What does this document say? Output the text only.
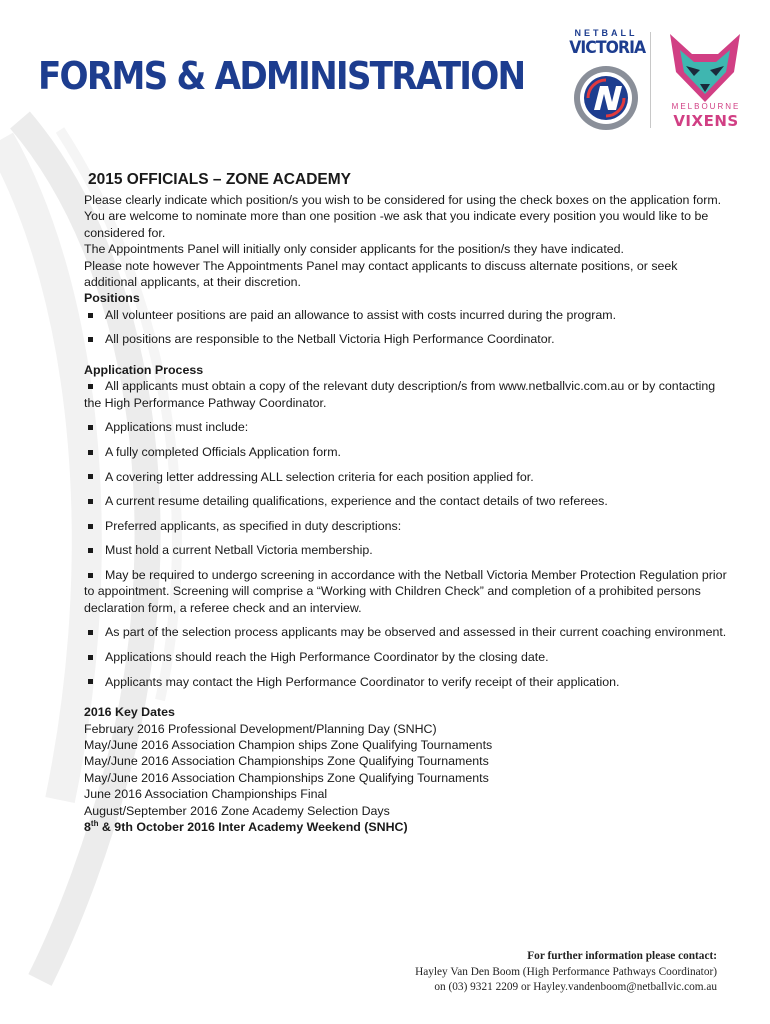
FORMS & ADMINISTRATION
NETBALL
VICTORIA
MELBOURNE
VIXENS
2015 OFFICIALS – ZONE ACADEMY

Please clearly indicate which position/s you wish to be considered for using the check boxes on the application form.

You are welcome to nominate more than one position -we ask that you indicate every position you would like to be considered for.

The Appointments Panel will initially only consider applicants for the position/s they have indicated.

Please note however The Appointments Panel may contact applicants to discuss alternate positions, or seek additional applicants, at their discretion.

Positions

All volunteer positions are paid an allowance to assist with costs incurred during the program.
All positions are responsible to the Netball Victoria High Performance Coordinator.

Application Process

All applicants must obtain a copy of the relevant duty description/s from www.netballvic.com.au or by contacting the High Performance Pathway Coordinator.
Applications must include:
A fully completed Officials Application form.
A covering letter addressing ALL selection criteria for each position applied for.
A current resume detailing qualifications, experience and the contact details of two referees.
Preferred applicants, as specified in duty descriptions:
Must hold a current Netball Victoria membership.
May be required to undergo screening in accordance with the Netball Victoria Member Protection Regulation prior to appointment. Screening will comprise a “Working with Children Check” and completion of a prohibited persons declaration form, a referee check and an interview.
As part of the selection process applicants may be observed and assessed in their current coaching environment.
Applications should reach the High Performance Coordinator by the closing date.
Applicants may contact the High Performance Coordinator to verify receipt of their application.

2016 Key Dates

February 2016 Professional Development/Planning Day (SNHC)

May/June 2016 Association Champion ships Zone Qualifying Tournaments

May/June 2016 Association Championships Zone Qualifying Tournaments

May/June 2016 Association Championships Zone Qualifying Tournaments

June 2016 Association Championships Final

August/September 2016 Zone Academy Selection Days

8th & 9th October 2016 Inter Academy Weekend (SNHC)

For further information please contact:
Hayley Van Den Boom (High Performance Pathways Coordinator)
on (03) 9321 2209 or Hayley.vandenboom@netballvic.com.au
